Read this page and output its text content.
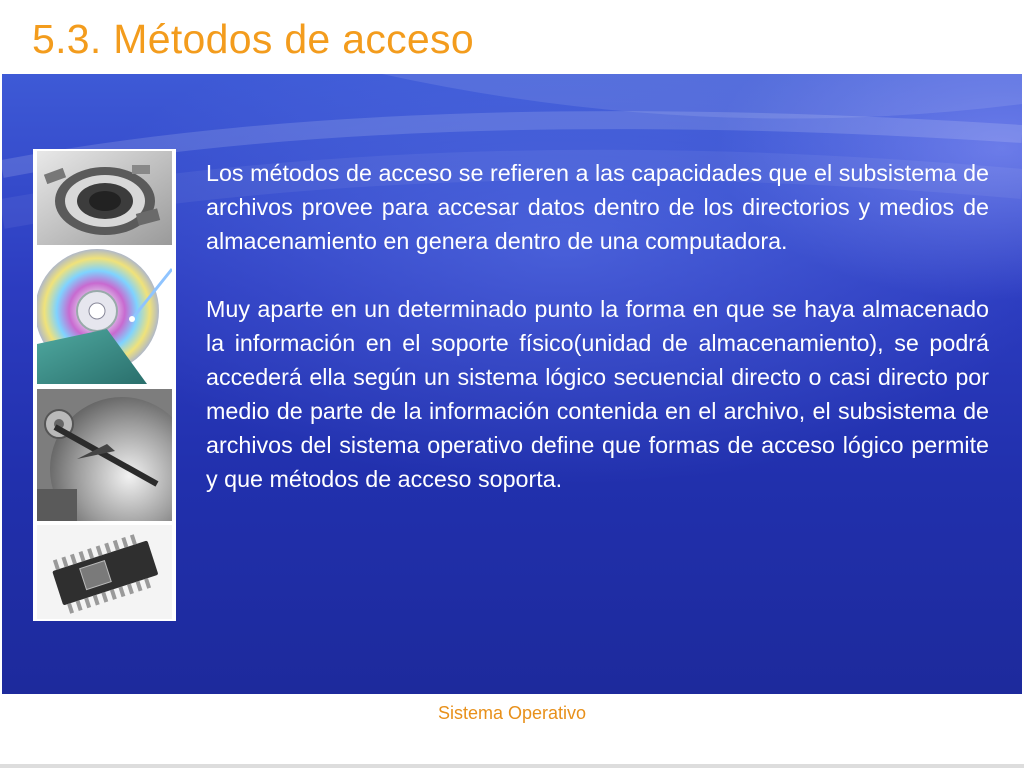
5.3. Métodos de acceso

Los métodos de acceso se refieren a las capacidades que el subsistema de archivos provee para accesar datos dentro de los directorios y medios de almacenamiento en genera dentro de una computadora.

Muy aparte en un determinado punto la forma en que se haya almacenado la información en el soporte físico(unidad de almacenamiento), se podrá accederá ella según un sistema lógico secuencial directo o casi directo por medio de parte de la información contenida en el archivo, el subsistema de archivos del sistema operativo define que formas de acceso lógico permite y que métodos de acceso soporta.

Sistema Operativo
